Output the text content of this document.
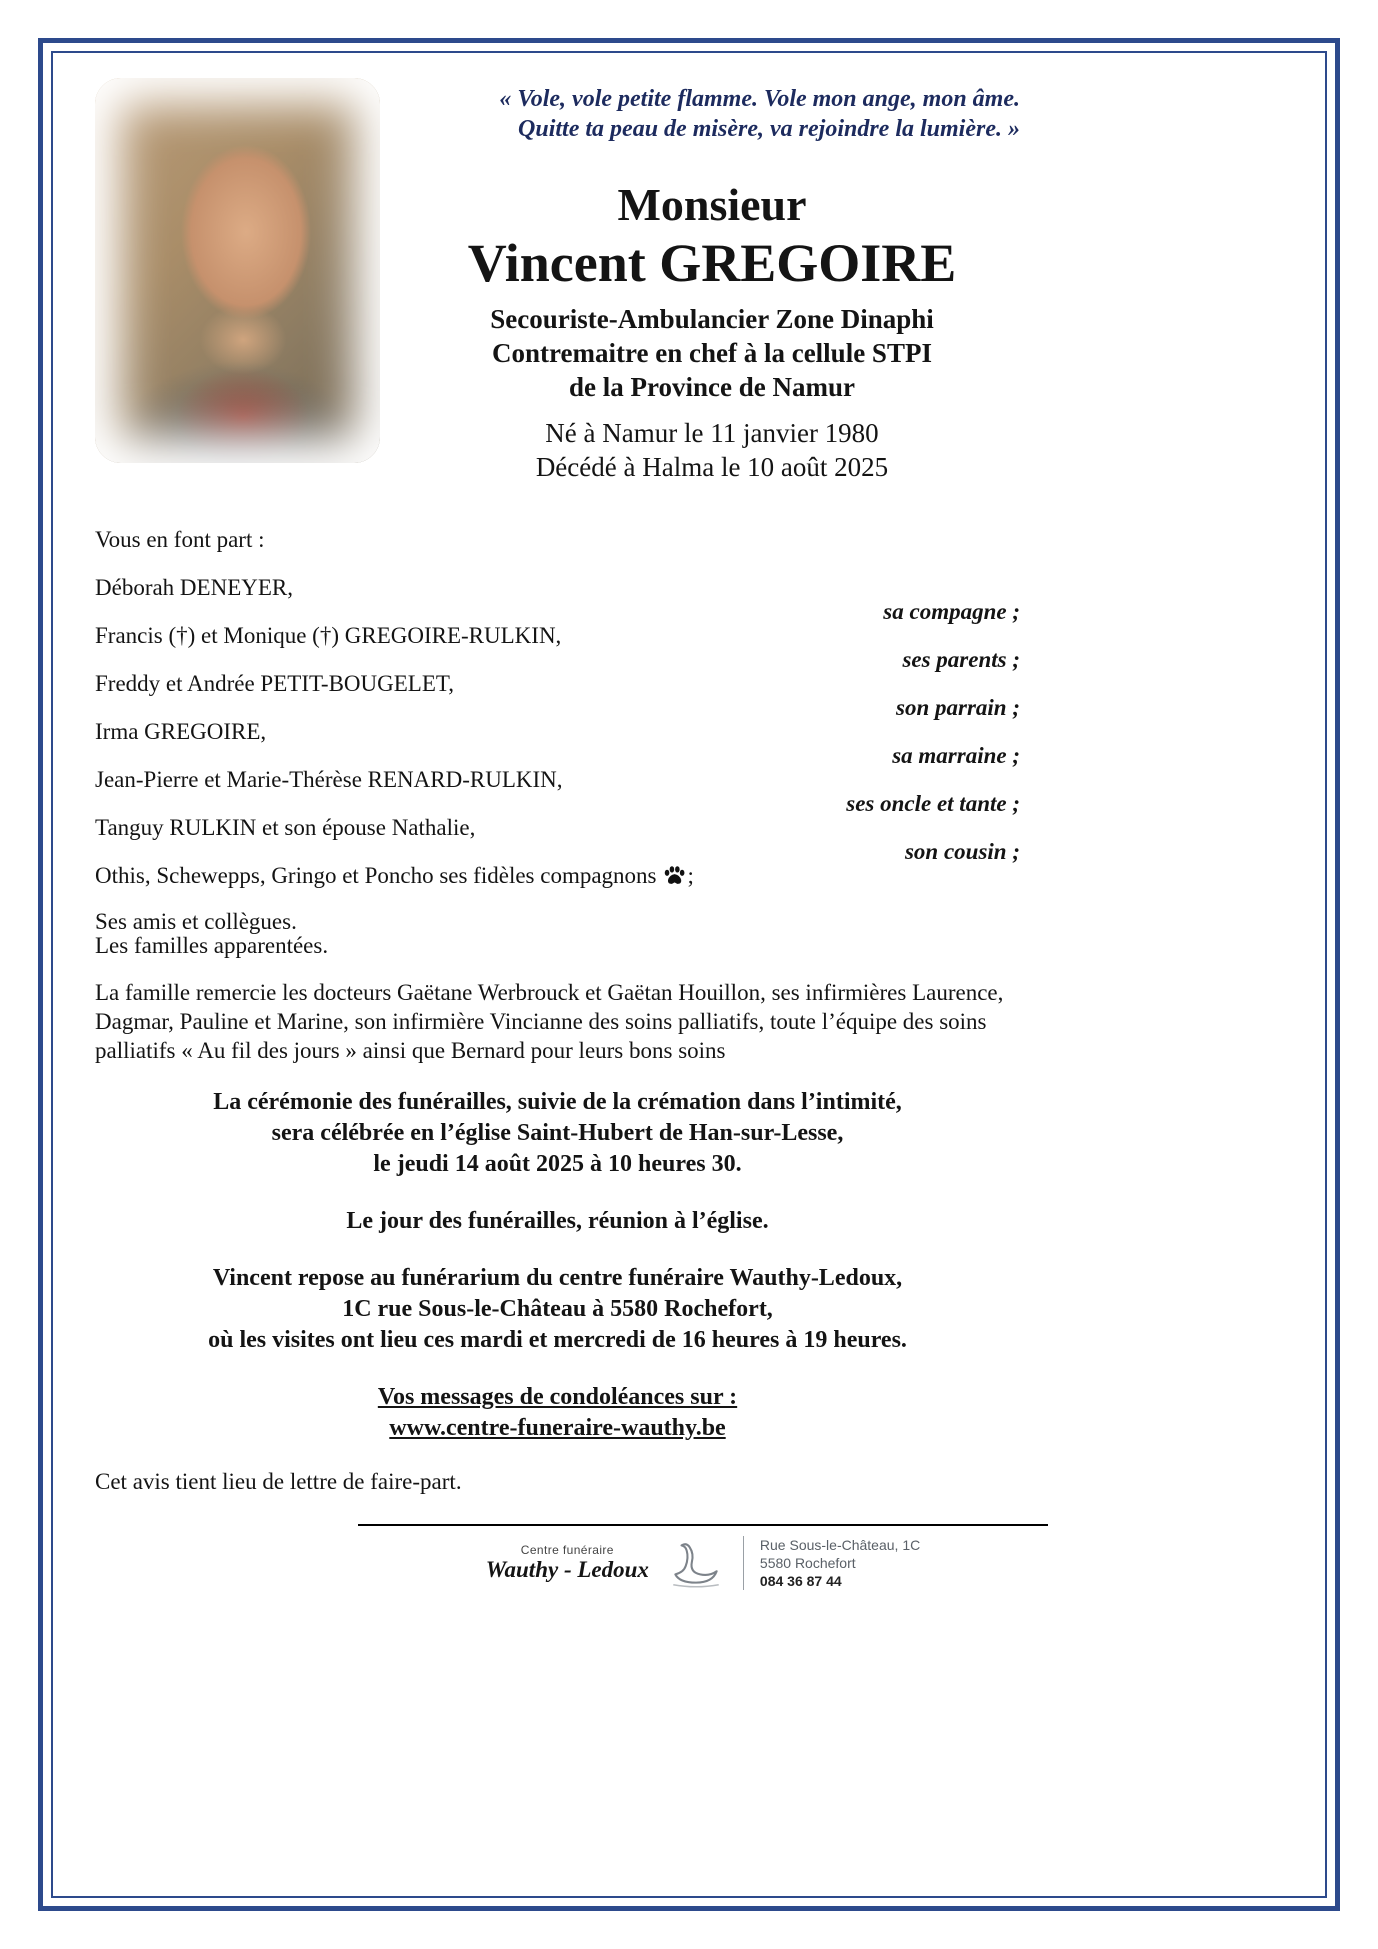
« Vole, vole petite flamme. Vole mon ange, mon âme.
Quitte ta peau de misère, va rejoindre la lumière. »
Monsieur
Vincent GREGOIRE
Secouriste-Ambulancier Zone Dinaphi
Contremaitre en chef à la cellule STPI
de la Province de Namur
Né à Namur le 11 janvier 1980
Décédé à Halma le 10 août 2025
Vous en font part :
Déborah DENEYER,
sa compagne ;
Francis (†) et Monique (†) GREGOIRE-RULKIN,
ses parents ;
Freddy et Andrée PETIT-BOUGELET,
son parrain ;
Irma GREGOIRE,
sa marraine ;
Jean-Pierre et Marie-Thérèse RENARD-RULKIN,
ses oncle et tante ;
Tanguy RULKIN et son épouse Nathalie,
son cousin ;
Othis, Schewepps, Gringo et Poncho ses fidèles compagnons ;
Ses amis et collègues.
Les familles apparentées.
La famille remercie les docteurs Gaëtane Werbrouck et Gaëtan Houillon, ses infirmières Laurence, Dagmar, Pauline et Marine, son infirmière Vincianne des soins palliatifs, toute l’équipe des soins palliatifs « Au fil des jours » ainsi que Bernard pour leurs bons soins
La cérémonie des funérailles, suivie de la crémation dans l’intimité,
sera célébrée en l’église Saint-Hubert de Han-sur-Lesse,
le jeudi 14 août 2025 à 10 heures 30.
Le jour des funérailles, réunion à l’église.
Vincent repose au funérarium du centre funéraire Wauthy-Ledoux,
1C rue Sous-le-Château à 5580 Rochefort,
où les visites ont lieu ces mardi et mercredi de 16 heures à 19 heures.
Vos messages de condoléances sur :
www.centre-funeraire-wauthy.be
Cet avis tient lieu de lettre de faire-part.
Centre funéraire
Wauthy - Ledoux
Rue Sous-le-Château, 1C
5580 Rochefort
084 36 87 44
